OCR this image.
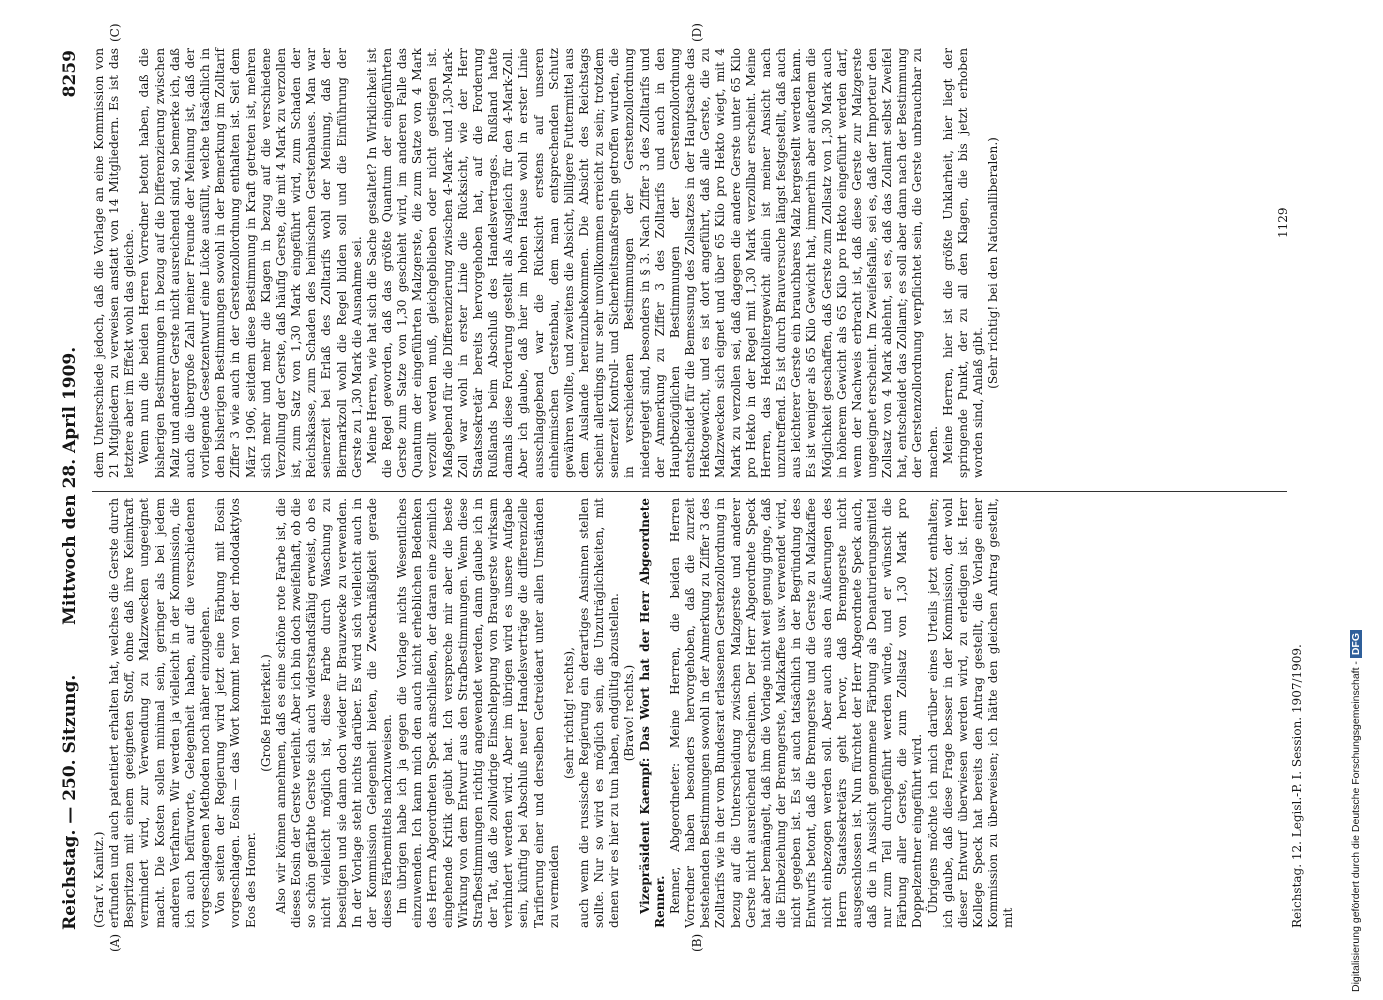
Reichstag. — 250. Sitzung.
Mittwoch den 28. April 1909.
8259
(A)	(B)
(C)	(D)

(Graf v. Kanitz.) erfunden und auch patentiert erhalten hat, welches die Gerste durch Bespritzen mit einem geeigneten Stoff, ohne daß ihre Keimkraft vermindert wird, zur Verwendung zu Malzzwecken ungeeignet macht. Die Kosten sollen minimal sein, geringer als bei jedem anderen Verfahren. Wir werden ja vielleicht in der Kommission, die ich auch befürworte, Gelegenheit haben, auf die verschiedenen vorgeschlagenen Methoden noch näher einzugehen. Von seiten der Regierung wird jetzt eine Färbung mit Eosin vorgeschlagen. Eosin — das Wort kommt her von der rhododaktylos Eos des Homer.

(Große Heiterkeit.) Also wir können annehmen, daß es eine schöne rote Farbe ist, die dieses Eosin der Gerste verleiht. Aber ich bin doch zweifelhaft, ob die so schön gefärbte Gerste sich auch widerstandsfähig erweist, ob es nicht vielleicht möglich ist, diese Farbe durch Waschung zu beseitigen und sie dann doch wieder für Brauzwecke zu verwenden. In der Vorlage steht nichts darüber. Es wird sich vielleicht auch in der Kommission Gelegenheit bieten, die Zweckmäßigkeit gerade dieses Färbemittels nachzuweisen. Im übrigen habe ich ja gegen die Vorlage nichts Wesentliches einzuwenden. Ich kann mich den auch nicht erheblichen Bedenken des Herrn Abgeordneten Speck anschließen, der daran eine ziemlich eingehende Kritik geübt hat. Ich verspreche mir aber die beste Wirkung von dem Entwurf aus den Strafbestimmungen. Wenn diese Strafbestimmungen richtig angewendet werden, dann glaube ich in der Tat, daß die zollwidrige Einschleppung von Braugerste wirksam verhindert werden wird. Aber im übrigen wird es unsere Aufgabe sein, künftig bei Abschluß neuer Handelsverträge die differenzielle Tarifierung einer und derselben Getreideart unter allen Umständen zu vermeiden

(sehr richtig! rechts), auch wenn die russische Regierung ein derartiges Ansinnen stellen sollte. Nur so wird es möglich sein, die Unzuträglichkeiten, mit denen wir es hier zu tun haben, endgültig abzustellen. (Bravo! rechts.) Vizepräsident Kaempf: Das Wort hat der Herr Abgeordnete Renner. Renner, Abgeordneter: Meine Herren, die beiden Herren Vorredner haben besonders hervorgehoben, daß die zurzeit bestehenden Bestimmungen sowohl in der Anmerkung zu Ziffer 3 des Zolltarifs wie in der vom Bundesrat erlassenen Gerstenzollordnung in bezug auf die Unterscheidung zwischen Malzgerste und anderer Gerste nicht ausreichend erscheinen. Der Herr Abgeordnete Speck hat aber bemängelt, daß ihm die Vorlage nicht weit genug ginge, daß die Einbeziehung der Brenngerste, Malzkaffee usw. verwendet wird, nicht gegeben ist. Es ist auch tatsächlich in der Begründung des Entwurfs betont, daß die Brenngerste und die Gerste zu Malzkaffee nicht einbezogen werden soll. Aber auch aus den Äußerungen des Herrn Staatssekretärs geht hervor, daß Brenngerste nicht ausgeschlossen ist. Nun fürchtet der Herr Abgeordnete Speck auch, daß die in Aussicht genommene Färbung als Denaturierungsmittel nur zum Teil durchgeführt werden würde, und er wünscht die Färbung aller Gerste, die zum Zollsatz von 1,30 Mark pro Doppelzentner eingeführt wird. Übrigens möchte ich mich darüber eines Urteils jetzt enthalten; ich glaube, daß diese Frage besser in der Kommission, der wohl dieser Entwurf überwiesen werden wird, zu erledigen ist. Herr Kollege Speck hat bereits den Antrag gestellt, die Vorlage einer Kommission zu überweisen; ich hätte den gleichen Antrag gestellt, mit

dem Unterschiede jedoch, daß die Vorlage an eine Kommission von 21 Mitgliedern zu verweisen anstatt von 14 Mitgliedern. Es ist das letztere aber im Effekt wohl das gleiche. Wenn nun die beiden Herren Vorredner betont haben, daß die bisherigen Bestimmungen in bezug auf die Differenzierung zwischen Malz und anderer Gerste nicht ausreichend sind, so bemerke ich, daß auch die übergroße Zahl meiner Freunde der Meinung ist, daß der vorliegende Gesetzentwurf eine Lücke ausfüllt, welche tatsächlich in den bisherigen Bestimmungen sowohl in der Bemerkung im Zolltarif Ziffer 3 wie auch in der Gerstenzollordnung enthalten ist. Seit dem März 1906, seitdem diese Bestimmung in Kraft getreten ist, mehren sich mehr und mehr die Klagen in bezug auf die verschiedene Verzollung der Gerste, daß häufig Gerste, die mit 4 Mark zu verzollen ist, zum Satz von 1,30 Mark eingeführt wird, zum Schaden der Reichskasse, zum Schaden des heimischen Gerstenbaues. Man war seinerzeit bei Erlaß des Zolltarifs wohl der Meinung, daß der Biermarkzoll wohl die Regel bilden soll und die Einführung der Gerste zu 1,30 Mark die Ausnahme sei. Meine Herren, wie hat sich die Sache gestaltet? In Wirklichkeit ist die Regel geworden, daß das größte Quantum der eingeführten Gerste zum Satze von 1,30 geschieht wird, im anderen Falle das Quantum der eingeführten Malzgerste, die zum Satze von 4 Mark verzollt werden muß, gleichgeblieben oder nicht gestiegen ist. Maßgebend für die Differenzierung zwischen 4-Mark- und 1,30-Mark-Zoll war wohl in erster Linie die Rücksicht, wie der Herr Staatssekretär bereits hervorgehoben hat, auf die Forderung Rußlands beim Abschluß des Handelsvertrages. Rußland hatte damals diese Forderung gestellt als Ausgleich für den 4-Mark-Zoll. Aber ich glaube, daß hier im hohen Hause wohl in erster Linie ausschlaggebend war die Rücksicht erstens auf unseren einheimischen Gerstenbau, dem man entsprechenden Schutz gewähren wollte, und zweitens die Absicht, billigere Futtermittel aus dem Auslande hereinzubekommen. Die Absicht des Reichstags scheint allerdings nur sehr unvollkommen erreicht zu sein; trotzdem seinerzeit Kontroll- und Sicherheitsmaßregeln getroffen wurden, die in verschiedenen Bestimmungen der Gerstenzollordnung niedergelegt sind, besonders in § 3. Nach Ziffer 3 des Zolltarifs und der Anmerkung zu Ziffer 3 des Zolltarifs und auch in den Hauptbezüglichen Bestimmungen der Gerstenzollordnung entscheidet für die Bemessung des Zollsatzes in der Hauptsache das Hektogewicht, und es ist dort angeführt, daß alle Gerste, die zu Malzzwecken sich eignet und über 65 Kilo pro Hekto wiegt, mit 4 Mark zu verzollen sei, daß dagegen die andere Gerste unter 65 Kilo pro Hekto in der Regel mit 1,30 Mark verzollbar erscheint. Meine Herren, das Hektolitergewicht allein ist meiner Ansicht nach unzutreffend. Es ist durch Brauversuche längst festgestellt, daß auch aus leichterer Gerste ein brauchbares Malz hergestellt werden kann. Es ist weniger als 65 Kilo Gewicht hat, immerhin aber außerdem die Möglichkeit geschaffen, daß Gerste zum Zollsatz von 1,30 Mark auch in höherem Gewicht als 65 Kilo pro Hekto eingeführt werden darf, wenn der Nachweis erbracht ist, daß diese Gerste zur Malzgerste ungeeignet erscheint. Im Zweifelsfalle, sei es, daß der Importeur den Zollsatz von 4 Mark ablehnt, sei es, daß das Zollamt selbst Zweifel hat, entscheidet das Zollamt; es soll aber dann nach der Bestimmung der Gerstenzollordnung verpflichtet sein, die Gerste unbrauchbar zu machen. Meine Herren, hier ist die größte Unklarheit, hier liegt der springende Punkt, der zu all den Klagen, die bis jetzt erhoben worden sind, Anlaß gibt.

(Sehr richtig! bei den Nationalliberalen.)

Reichstag. 12. Legisl.-P. I. Session. 1907/1909.
1129
Digitalisierung gefördert durch die Deutsche Forschungsgemeinschaft - DFG
